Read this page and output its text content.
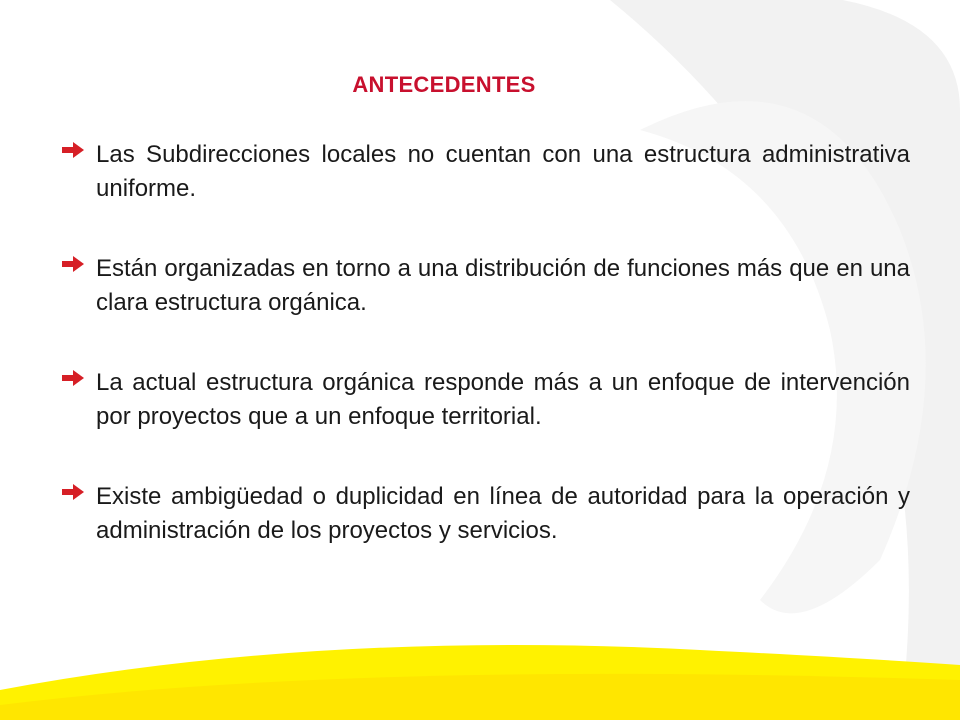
ANTECEDENTES
Las Subdirecciones locales no cuentan con una estructura administrativa uniforme.
Están organizadas en torno a una distribución de funciones más que en una clara estructura orgánica.
La actual estructura orgánica responde más a un enfoque de intervención por proyectos que a un enfoque territorial.
Existe ambigüedad o duplicidad en línea de autoridad para la operación y administración de los proyectos y servicios.
